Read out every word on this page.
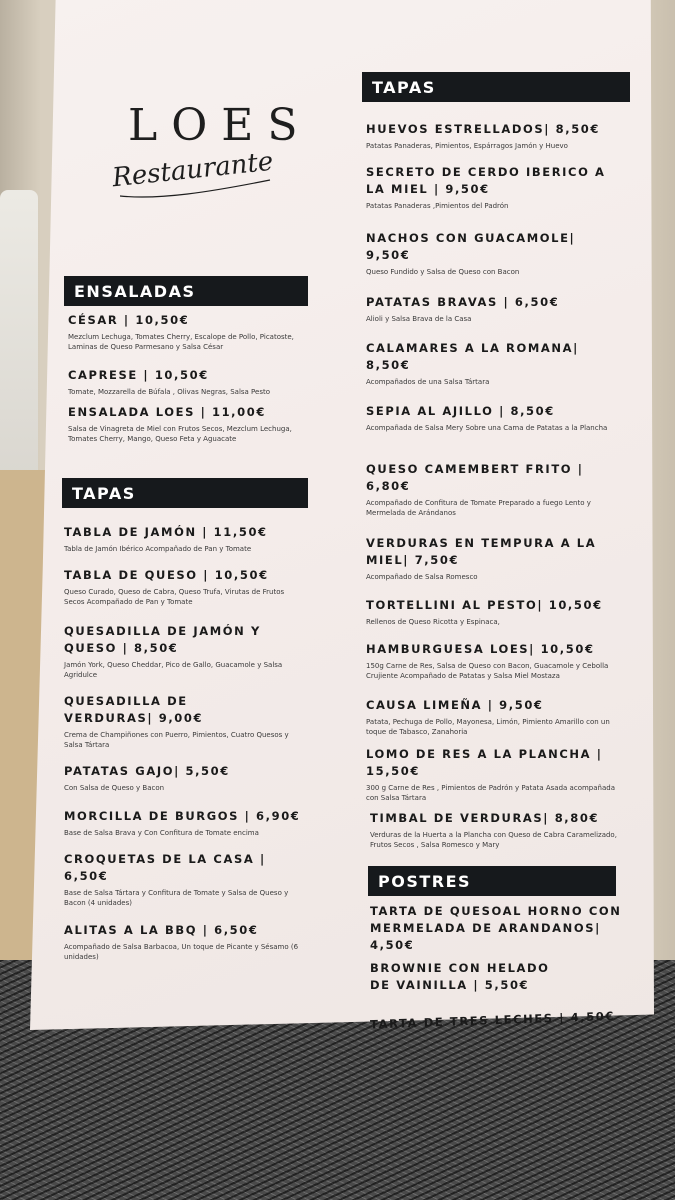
LOES
Restaurante
ENSALADAS
CÉSAR | 10,50€
Mezclum Lechuga, Tomates Cherry, Escalope de Pollo, Picatoste, Laminas de Queso Parmesano y Salsa César
CAPRESE | 10,50€
Tomate, Mozzarella de Búfala , Olivas Negras, Salsa Pesto
ENSALADA LOES | 11,00€
Salsa de Vinagreta de Miel con Frutos Secos, Mezclum Lechuga, Tomates Cherry, Mango, Queso Feta y Aguacate
TAPAS
TABLA DE JAMÓN | 11,50€
Tabla de Jamón Ibérico Acompañado de Pan y Tomate
TABLA DE QUESO | 10,50€
Queso Curado, Queso de Cabra, Queso Trufa, Virutas de Frutos Secos Acompañado de Pan y Tomate
QUESADILLA DE JAMÓN Y QUESO | 8,50€
Jamón York, Queso Cheddar, Pico de Gallo, Guacamole y Salsa Agridulce
QUESADILLA DE VERDURAS| 9,00€
Crema de Champiñones con Puerro, Pimientos, Cuatro Quesos y Salsa Tártara
PATATAS GAJO| 5,50€
Con Salsa de Queso y Bacon
MORCILLA DE BURGOS | 6,90€
Base de Salsa Brava y Con Confitura de Tomate encima
CROQUETAS DE LA CASA | 6,50€
Base de Salsa Tártara y Confitura de Tomate y Salsa de Queso y Bacon (4 unidades)
ALITAS A LA BBQ | 6,50€
Acompañado de Salsa Barbacoa, Un toque de Picante y Sésamo (6 unidades)
TAPAS
HUEVOS ESTRELLADOS| 8,50€
Patatas Panaderas, Pimientos, Espárragos Jamón y Huevo
SECRETO DE CERDO IBERICO A LA MIEL | 9,50€
Patatas Panaderas ,Pimientos del Padrón
NACHOS CON GUACAMOLE| 9,50€
Queso Fundido y Salsa de Queso con Bacon
PATATAS BRAVAS | 6,50€
Alioli y Salsa Brava de la Casa
CALAMARES A LA ROMANA| 8,50€
Acompañados de una Salsa Tártara
SEPIA AL AJILLO | 8,50€
Acompañada de Salsa Mery Sobre una Cama de Patatas a la Plancha
QUESO CAMEMBERT FRITO | 6,80€
Acompañado de Confitura de Tomate Preparado a fuego Lento y Mermelada de Arándanos
VERDURAS EN TEMPURA A LA MIEL| 7,50€
Acompañado de Salsa Romesco
TORTELLINI AL PESTO| 10,50€
Rellenos de Queso Ricotta y Espinaca,
HAMBURGUESA LOES| 10,50€
150g Carne de Res, Salsa de Queso con Bacon, Guacamole y Cebolla Crujiente Acompañado de Patatas y Salsa Miel Mostaza
CAUSA LIMEÑA | 9,50€
Patata, Pechuga de Pollo, Mayonesa, Limón, Pimiento Amarillo con un toque de Tabasco, Zanahoria
LOMO DE RES A LA PLANCHA | 15,50€
300 g Carne de Res , Pimientos de Padrón y Patata Asada acompañada con Salsa Tártara
TIMBAL DE VERDURAS| 8,80€
Verduras de la Huerta a la Plancha con Queso de Cabra Caramelizado, Frutos Secos , Salsa Romesco y Mary
POSTRES
TARTA DE QUESOAL HORNO CON MERMELADA DE ARANDANOS| 4,50€
BROWNIE CON HELADO DE VAINILLA | 5,50€
TARTA DE TRES LECHES | 4,50€
